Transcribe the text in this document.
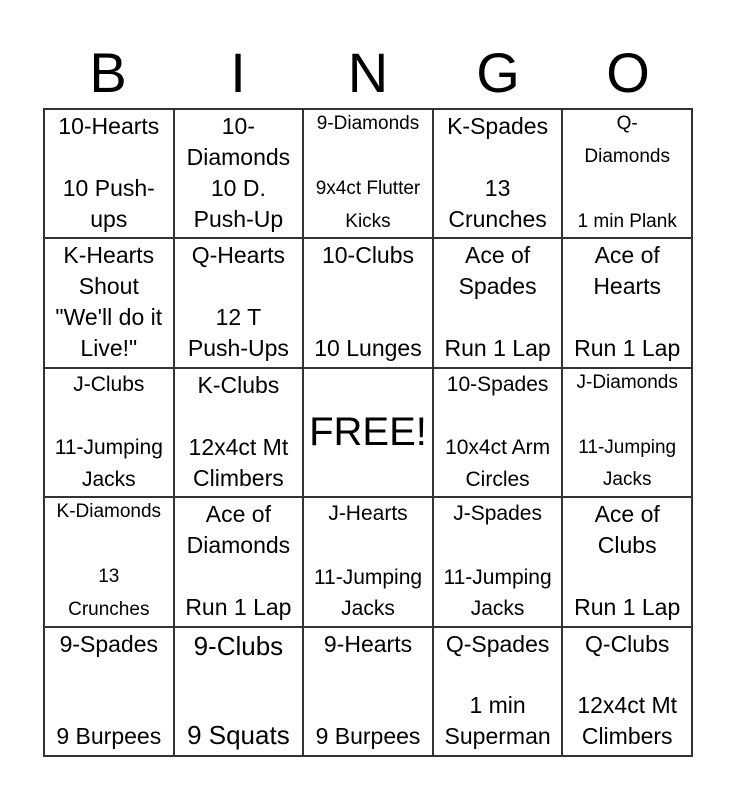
B	I	N	G	O
10-Hearts

10 Push-
ups
10-
Diamonds
10 D.
Push-Up
9-Diamonds

9x4ct Flutter
Kicks
K-Spades

13
Crunches
Q-
Diamonds

1 min Plank
K-Hearts
Shout
"We'll do it
Live!"
Q-Hearts

12 T
Push-Ups
10-Clubs

10 Lunges
Ace of
Spades

Run 1 Lap
Ace of
Hearts

Run 1 Lap
J-Clubs

11-Jumping
Jacks
K-Clubs

12x4ct Mt
Climbers
FREE!
10-Spades

10x4ct Arm
Circles
J-Diamonds

11-Jumping
Jacks
K-Diamonds

13
Crunches
Ace of
Diamonds

Run 1 Lap
J-Hearts

11-Jumping
Jacks
J-Spades

11-Jumping
Jacks
Ace of
Clubs

Run 1 Lap
9-Spades

9 Burpees
9-Clubs

9 Squats
9-Hearts

9 Burpees
Q-Spades

1 min
Superman
Q-Clubs

12x4ct Mt
Climbers
